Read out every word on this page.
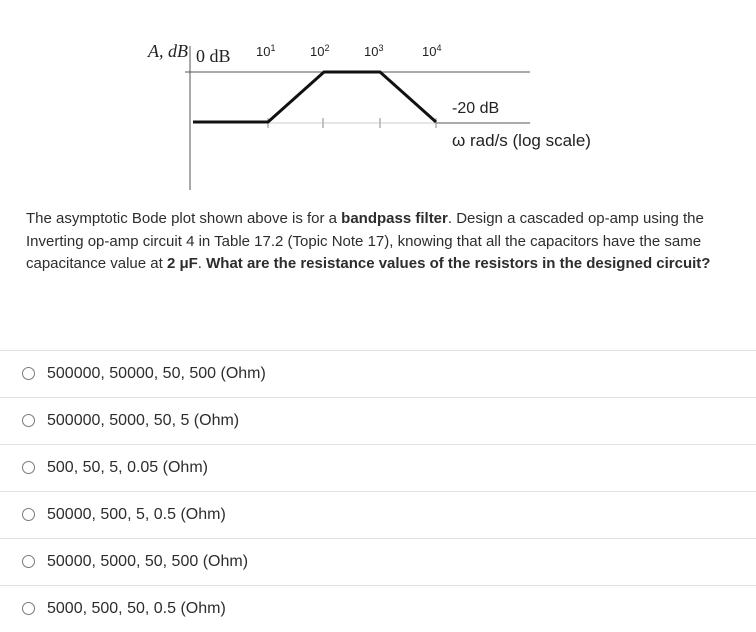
A, dB 0 dB $10^1$	$10^2$	$10^3$	$10^4$
-20 dB
ω rad/s (log scale)
The asymptotic Bode plot shown above is for a bandpass filter. Design a cascaded op-amp using the Inverting op-amp circuit 4 in Table 17.2 (Topic Note 17), knowing that all the capacitors have the same capacitance value at 2 μF. What are the resistance values of the resistors in the designed circuit?
500000, 50000, 50, 500 (Ohm)
500000, 5000, 50, 5 (Ohm)
500, 50, 5, 0.05 (Ohm)
50000, 500, 5, 0.5 (Ohm)
50000, 5000, 50, 500 (Ohm)
5000, 500, 50, 0.5 (Ohm)
